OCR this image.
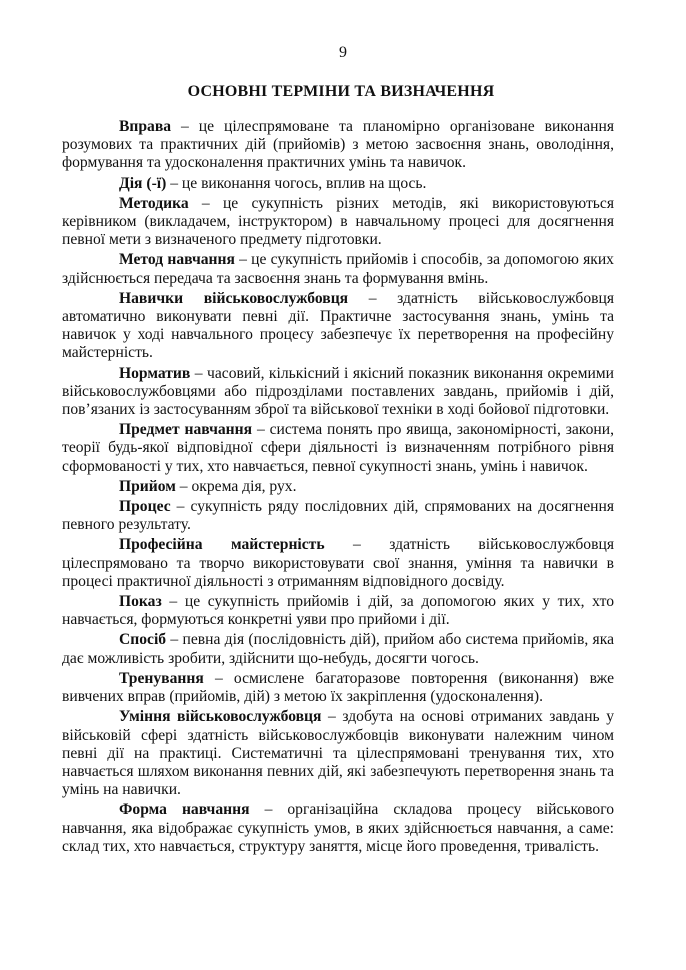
9
ОСНОВНІ ТЕРМІНИ ТА ВИЗНАЧЕННЯ

Вправа – це цілеспрямоване та планомірно організоване виконання розумових та практичних дій (прийомів) з метою засвоєння знань, оволодіння, формування та удосконалення практичних умінь та навичок.

Дія (-ї) – це виконання чогось, вплив на щось.

Методика – це сукупність різних методів, які використовуються керівником (викладачем, інструктором) в навчальному процесі для досягнення певної мети з визначеного предмету підготовки.

Метод навчання – це сукупність прийомів і способів, за допомогою яких здійснюється передача та засвоєння знань та формування вмінь.

Навички військовослужбовця – здатність військовослужбовця автоматично виконувати певні дії. Практичне застосування знань, умінь та навичок у ході навчального процесу забезпечує їх перетворення на професійну майстерність.

Норматив – часовий, кількісний і якісний показник виконання окремими військовослужбовцями або підрозділами поставлених завдань, прийомів і дій, пов’язаних із застосуванням зброї та військової техніки в ході бойової підготовки.

Предмет навчання – система понять про явища, закономірності, закони, теорії будь-якої відповідної сфери діяльності із визначенням потрібного рівня сформованості у тих, хто навчається, певної сукупності знань, умінь і навичок.

Прийом – окрема дія, рух.

Процес – сукупність ряду послідовних дій, спрямованих на досягнення певного результату.

Професійна майстерність – здатність військовослужбовця цілеспрямовано та творчо використовувати свої знання, уміння та навички в процесі практичної діяльності з отриманням відповідного досвіду.

Показ – це сукупність прийомів і дій, за допомогою яких у тих, хто навчається, формуються конкретні уяви про прийоми і дії.

Спосіб – певна дія (послідовність дій), прийом або система прийомів, яка дає можливість зробити, здійснити що-небудь, досягти чогось.

Тренування – осмислене багаторазове повторення (виконання) вже вивчених вправ (прийомів, дій) з метою їх закріплення (удосконалення).

Уміння військовослужбовця – здобута на основі отриманих завдань у військовій сфері здатність військовослужбовців виконувати належним чином певні дії на практиці. Систематичні та цілеспрямовані тренування тих, хто навчається шляхом виконання певних дій, які забезпечують перетворення знань та умінь на навички.

Форма навчання – організаційна складова процесу військового навчання, яка відображає сукупність умов, в яких здійснюється навчання, а саме: склад тих, хто навчається, структуру заняття, місце його проведення, тривалість.
